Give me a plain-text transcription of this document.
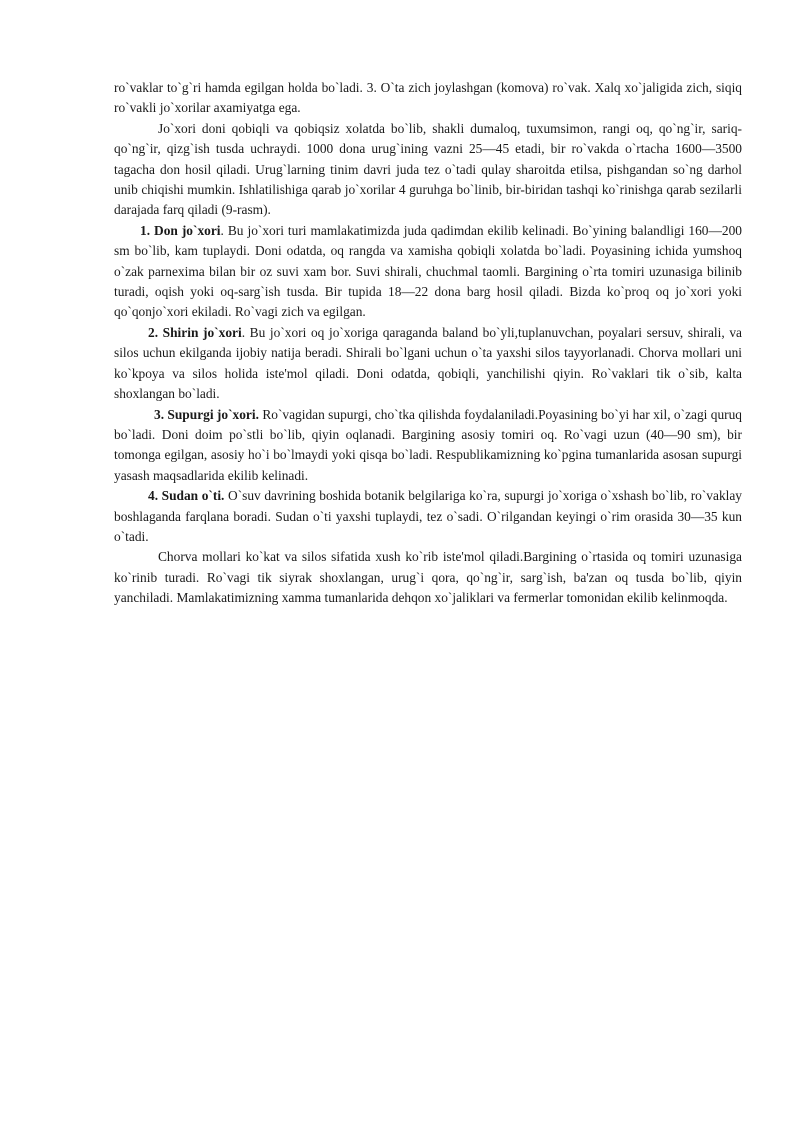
ro`vaklar to`g`ri hamda egilgan holda bo`ladi. 3. O`ta zich joylashgan (komova) ro`vak. Xalq xo`jaligida zich, siqiq ro`vakli jo`xorilar axamiyatga ega.

Jo`xori doni qobiqli va qobiqsiz xolatda bo`lib, shakli dumaloq, tuxumsimon, rangi oq, qo`ng`ir, sariq-qo`ng`ir, qizg`ish tusda uchraydi. 1000 dona urug`ining vazni 25—45 etadi, bir ro`vakda o`rtacha 1600—3500 tagacha don hosil qiladi. Urug`larning tinim davri juda tez o`tadi qulay sharoitda etilsa, pishgandan so`ng darhol unib chiqishi mumkin. Ishlatilishiga qarab jo`xorilar 4 guruhga bo`linib, bir-biridan tashqi ko`rinishga qarab sezilarli darajada farq qiladi (9-rasm).

1. Don jo`xori. Bu jo`xori turi mamlakatimizda juda qadimdan ekilib kelinadi. Bo`yining balandligi 160—200 sm bo`lib, kam tuplaydi. Doni odatda, oq rangda va xamisha qobiqli xolatda bo`ladi. Poyasining ichida yumshoq o`zak parnexima bilan bir oz suvi xam bor. Suvi shirali, chuchmal taomli. Bargining o`rta tomiri uzunasiga bilinib turadi, oqish yoki oq-sarg`ish tusda. Bir tupida 18—22 dona barg hosil qiladi. Bizda ko`proq oq jo`xori yoki qo`qonjo`xori ekiladi. Ro`vagi zich va egilgan.

2. Shirin jo`xori. Bu jo`xori oq jo`xoriga qaraganda baland bo`yli,tuplanuvchan, poyalari sersuv, shirali, va silos uchun ekilganda ijobiy natija beradi. Shirali bo`lgani uchun o`ta yaxshi silos tayyorlanadi. Chorva mollari uni ko`kpoya va silos holida iste'mol qiladi. Doni odatda, qobiqli, yanchilishi qiyin. Ro`vaklari tik o`sib, kalta shoxlangan bo`ladi.

3. Supurgi jo`xori. Ro`vagidan supurgi, cho`tka qilishda foydalaniladi.Poyasining bo`yi har xil, o`zagi quruq bo`ladi. Doni doim po`stli bo`lib, qiyin oqlanadi. Bargining asosiy tomiri oq. Ro`vagi uzun (40—90 sm), bir tomonga egilgan, asosiy ho`i bo`lmaydi yoki qisqa bo`ladi. Respublikamizning ko`pgina tumanlarida asosan supurgi yasash maqsadlarida ekilib kelinadi.

4. Sudan o`ti. O`suv davrining boshida botanik belgilariga ko`ra, supurgi jo`xoriga o`xshash bo`lib, ro`vaklay boshlaganda farqlana boradi. Sudan o`ti yaxshi tuplaydi, tez o`sadi. O`rilgandan keyingi o`rim orasida 30—35 kun o`tadi.

Chorva mollari ko`kat va silos sifatida xush ko`rib iste'mol qiladi.Bargining o`rtasida oq tomiri uzunasiga ko`rinib turadi. Ro`vagi tik siyrak shoxlangan, urug`i qora, qo`ng`ir, sarg`ish, ba'zan oq tusda bo`lib, qiyin yanchiladi. Mamlakatimizning xamma tumanlarida dehqon xo`jaliklari va fermerlar tomonidan ekilib kelinmoqda.
